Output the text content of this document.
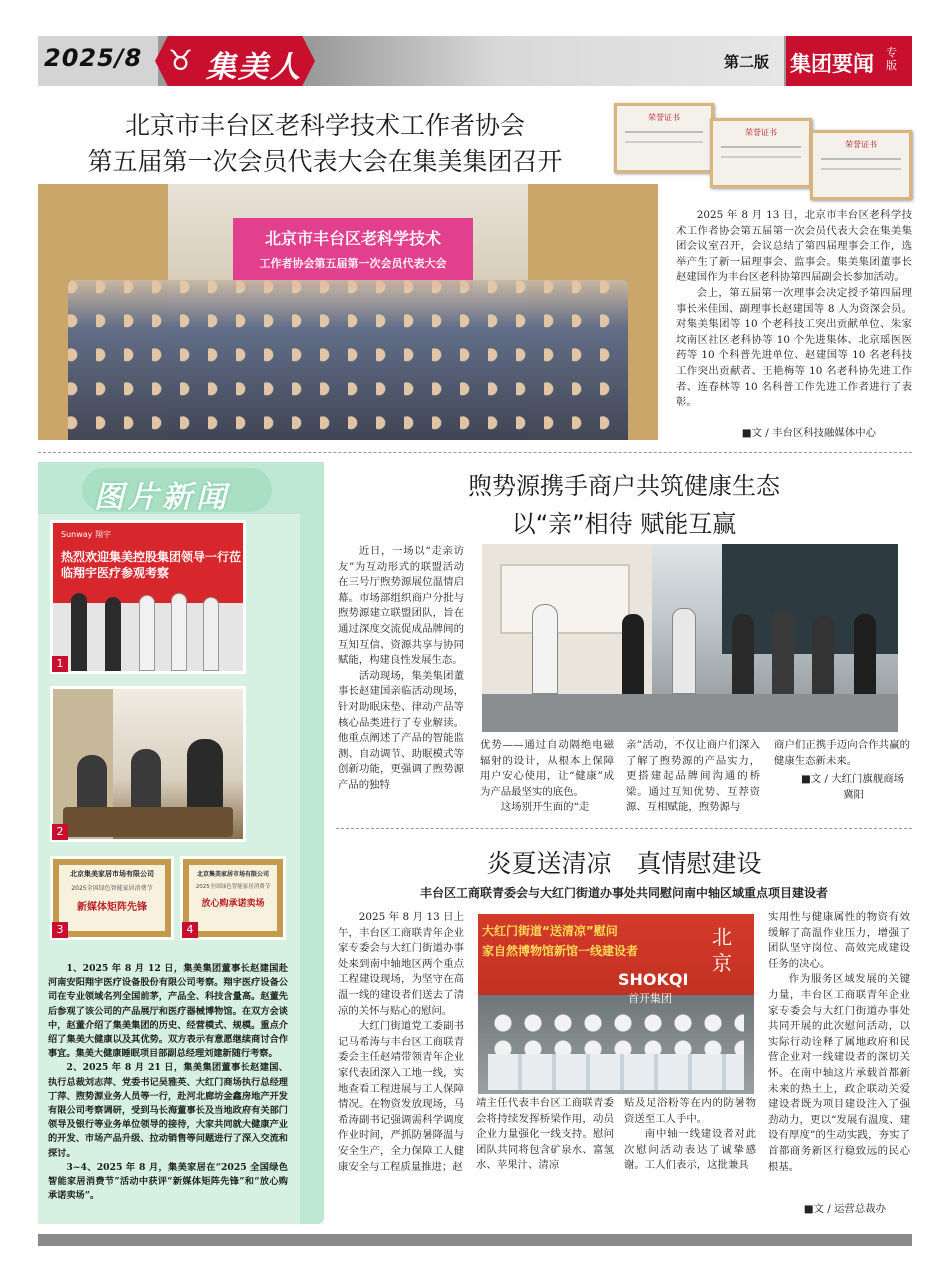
2025/8 ♉ 集美人	第二版 集团要闻 专版
北京市丰台区老科学技术工作者协会
第五届第一次会员代表大会在集美集团召开
荣誉证书
荣誉证书
荣誉证书
北京市丰台区老科学技术
工作者协会第五届第一次会员代表大会

2025 年 8 月 13 日，北京市丰台区老科学技术工作者协会第五届第一次会员代表大会在集美集团会议室召开，会议总结了第四届理事会工作，选举产生了新一届理事会、监事会。集美集团董事长赵建国作为丰台区老科协第四届副会长参加活动。

会上，第五届第一次理事会决定授予第四届理事长米佳国、副理事长赵建国等 8 人为资深会员。对集美集团等 10 个老科技工突出贡献单位、朱家坟南区社区老科协等 10 个先进集体、北京瑶医医药等 10 个科普先进单位、赵建国等 10 名老科技工作突出贡献者、王艳梅等 10 名老科协先进工作者、连春林等 10 名科普工作先进工作者进行了表彰。

■文 / 丰台区科技融媒体中心
图片新闻
Sunway 翔宇
热烈欢迎集美控股集团领导一行莅临翔宇医疗参观考察
1
2
北京集美家居市场有限公司
2025全国绿色智能家居消费节
新媒体矩阵先锋
3
北京集美家居市场有限公司
2025全国绿色智能家居消费节
放心购承诺卖场
4

1、2025 年 8 月 12 日，集美集团董事长赵建国赴河南安阳翔宇医疗设备股份有限公司考察。翔宇医疗设备公司在专业领域名列全国前茅，产品全、科技含量高。赵董先后参观了该公司的产品展厅和医疗器械博物馆。在双方会谈中，赵董介绍了集美集团的历史、经营模式、规模。重点介绍了集美大健康以及其优势。双方表示有意愿继续商讨合作事宜。集美大健康睡眠项目部副总经理刘建新随行考察。

2、2025 年 8 月 21 日，集美集团董事长赵建国、执行总裁刘志萍、党委书记吴雅英、大红门商场执行总经理丁萍、煦势源业务人员等一行，赴河北廊坊金鑫房地产开发有限公司考察调研，受到马长海董事长及当地政府有关部门领导及银行等业务单位领导的接待，大家共同就大健康产业的开发、市场产品升级、拉动销售等问题进行了深入交流和探讨。

3~4、2025 年 8 月，集美家居在“2025 全国绿色智能家居消费节”活动中获评“新媒体矩阵先锋”和“放心购承诺卖场”。

煦势源携手商户共筑健康生态
以“亲”相待 赋能互赢

近日，一场以“走亲访友”为互动形式的联盟活动在三号厅煦势源展位温情启幕。市场部组织商户分批与煦势源建立联盟团队，旨在通过深度交流促成品牌间的互知互信、资源共享与协同赋能，构建良性发展生态。

活动现场，集美集团董事长赵建国亲临活动现场，针对助眠床垫、律动产品等核心品类进行了专业解读。他重点阐述了产品的智能监测、自动调节、助眠模式等创新功能，更强调了煦势源产品的独特

优势——通过自动隔绝电磁辐射的设计，从根本上保障用户安心使用，让“健康”成为产品最坚实的底色。

这场别开生面的“走

亲”活动，不仅让商户们深入了解了煦势源的产品实力，更搭建起品牌间沟通的桥梁。通过互知优势、互荐资源、互相赋能，煦势源与

商户们正携手迈向合作共赢的健康生态新未来。

■文 / 大红门旗舰商场
冀阳
炎夏送清凉　真情慰建设
丰台区工商联青委会与大红门街道办事处共同慰问南中轴区域重点项目建设者

2025 年 8 月 13 日上午，丰台区工商联青年企业家专委会与大红门街道办事处来到南中轴地区两个重点工程建设现场，为坚守在高温一线的建设者们送去了清凉的关怀与贴心的慰问。

大红门街道党工委副书记马希涛与丰台区工商联青委会主任赵靖带领青年企业家代表团深入工地一线，实地查看工程进展与工人保障情况。在物资发放现场，马希涛副书记强调需科学调度作业时间，严抓防暑降温与安全生产，全力保障工人健康安全与工程质量推进；赵

大红门街道“送清凉”慰问
家自然博物馆新馆一线建设者
SHOKQI
首开集团
北京

靖主任代表丰台区工商联青委会将持续发挥桥梁作用，动员企业力量强化一线支持。慰问团队共同将包含矿泉水、富氢水、苹果汁、清凉

贴及足浴粉等在内的防暑物资送至工人手中。

南中轴一线建设者对此次慰问活动表达了诚挚感谢。工人们表示，这批兼具

实用性与健康属性的物资有效缓解了高温作业压力，增强了团队坚守岗位、高效完成建设任务的决心。

作为服务区域发展的关键力量，丰台区工商联青年企业家专委会与大红门街道办事处共同开展的此次慰问活动，以实际行动诠释了属地政府和民营企业对一线建设者的深切关怀。在南中轴这片承载首都新未来的热土上，政企联动关爱建设者既为项目建设注入了强劲动力，更以“发展有温度、建设有厚度”的生动实践，夯实了首都商务新区行稳致远的民心根基。

■文 / 运营总裁办
